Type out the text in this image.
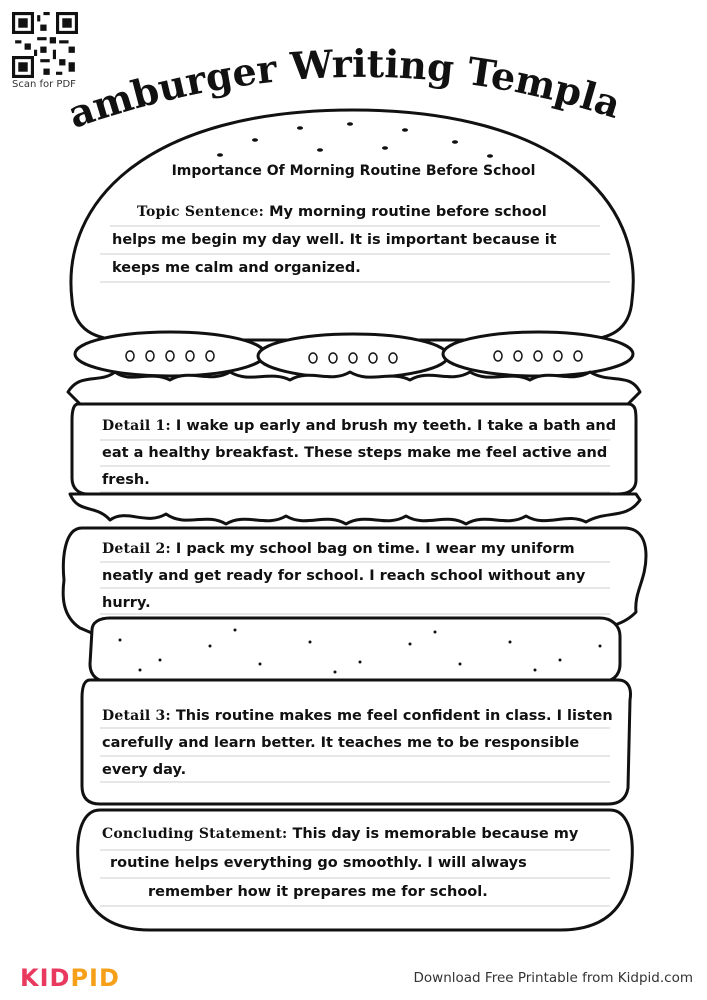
Scan for PDF
amburger Writing Templa
Importance Of Morning Routine Before School
Topic Sentence: My morning routine before school
helps me begin my day well. It is important because it
keeps me calm and organized.
Detail 1: I wake up early and brush my teeth. I take a bath and
eat a healthy breakfast. These steps make me feel active and
fresh.
Detail 2: I pack my school bag on time. I wear my uniform
neatly and get ready for school. I reach school without any
hurry.
Detail 3: This routine makes me feel confident in class. I listen
carefully and learn better. It teaches me to be responsible
every day.
Concluding Statement: This day is memorable because my
routine helps everything go smoothly. I will always
remember how it prepares me for school.
KIDPID	Download Free Printable from Kidpid.com
